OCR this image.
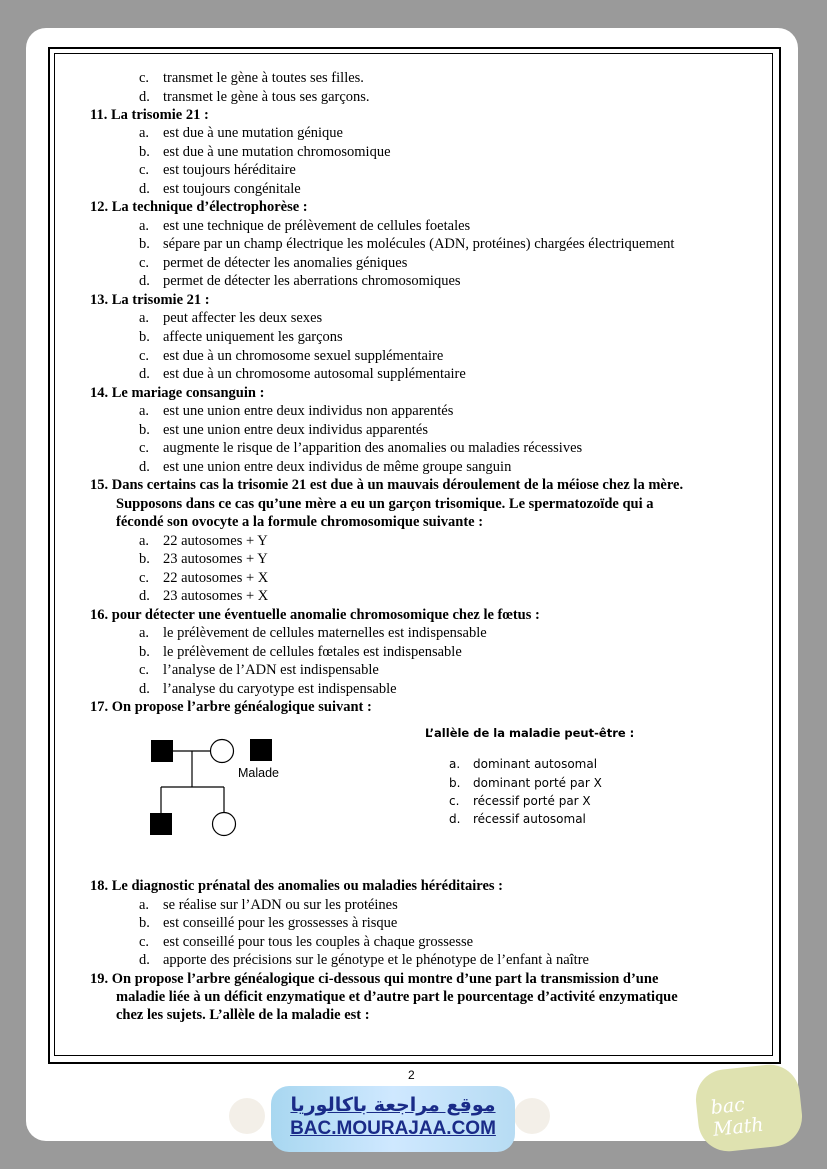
c. transmet le gène à toutes ses filles.
d. transmet le gène à tous ses garçons.
11. La trisomie 21 :
a. est due à une mutation génique
b. est due à une mutation chromosomique
c. est toujours héréditaire
d. est toujours congénitale
12. La technique d’électrophorèse :
a. est une technique de prélèvement de cellules foetales
b. sépare par un champ électrique les molécules (ADN, protéines) chargées électriquement
c. permet de détecter les anomalies géniques
d. permet de détecter les aberrations chromosomiques
13. La trisomie 21 :
a. peut affecter les deux sexes
b. affecte uniquement les garçons
c. est due à un chromosome sexuel supplémentaire
d. est due à un chromosome autosomal supplémentaire
14. Le mariage consanguin :
a. est une union entre deux individus non apparentés
b. est une union entre deux individus apparentés
c. augmente le risque de l’apparition des anomalies ou maladies récessives
d. est une union entre deux individus de même groupe sanguin
15. Dans certains cas la trisomie 21 est due à un mauvais déroulement de la méiose chez la mère.
Supposons dans ce cas qu’une mère a eu un garçon trisomique. Le spermatozoïde qui a
fécondé son ovocyte a la formule chromosomique suivante :
a. 22 autosomes + Y
b. 23 autosomes + Y
c. 22 autosomes + X
d. 23 autosomes + X
16. pour détecter une éventuelle anomalie chromosomique chez le fœtus :
a. le prélèvement de cellules maternelles est indispensable
b. le prélèvement de cellules fœtales est indispensable
c. l’analyse de l’ADN est indispensable
d. l’analyse du caryotype est indispensable
17. On propose l’arbre généalogique suivant :
Malade
L’allèle de la maladie peut-être :
a. dominant autosomal
b. dominant porté par X
c. récessif porté par X
d. récessif autosomal
18. Le diagnostic prénatal des anomalies ou maladies héréditaires :
a. se réalise sur l’ADN ou sur les protéines
b. est conseillé pour les grossesses à risque
c. est conseillé pour tous les couples à chaque grossesse
d. apporte des précisions sur le génotype et le phénotype de l’enfant à naître
19. On propose l’arbre généalogique ci-dessous qui montre d’une part la transmission d’une
maladie liée à un déficit enzymatique et d’autre part le pourcentage d’activité enzymatique
chez les sujets. L’allèle de la maladie est :
2
موقع مراجعة باكالوريا
BAC.MOURAJAA.COM
bac Math
